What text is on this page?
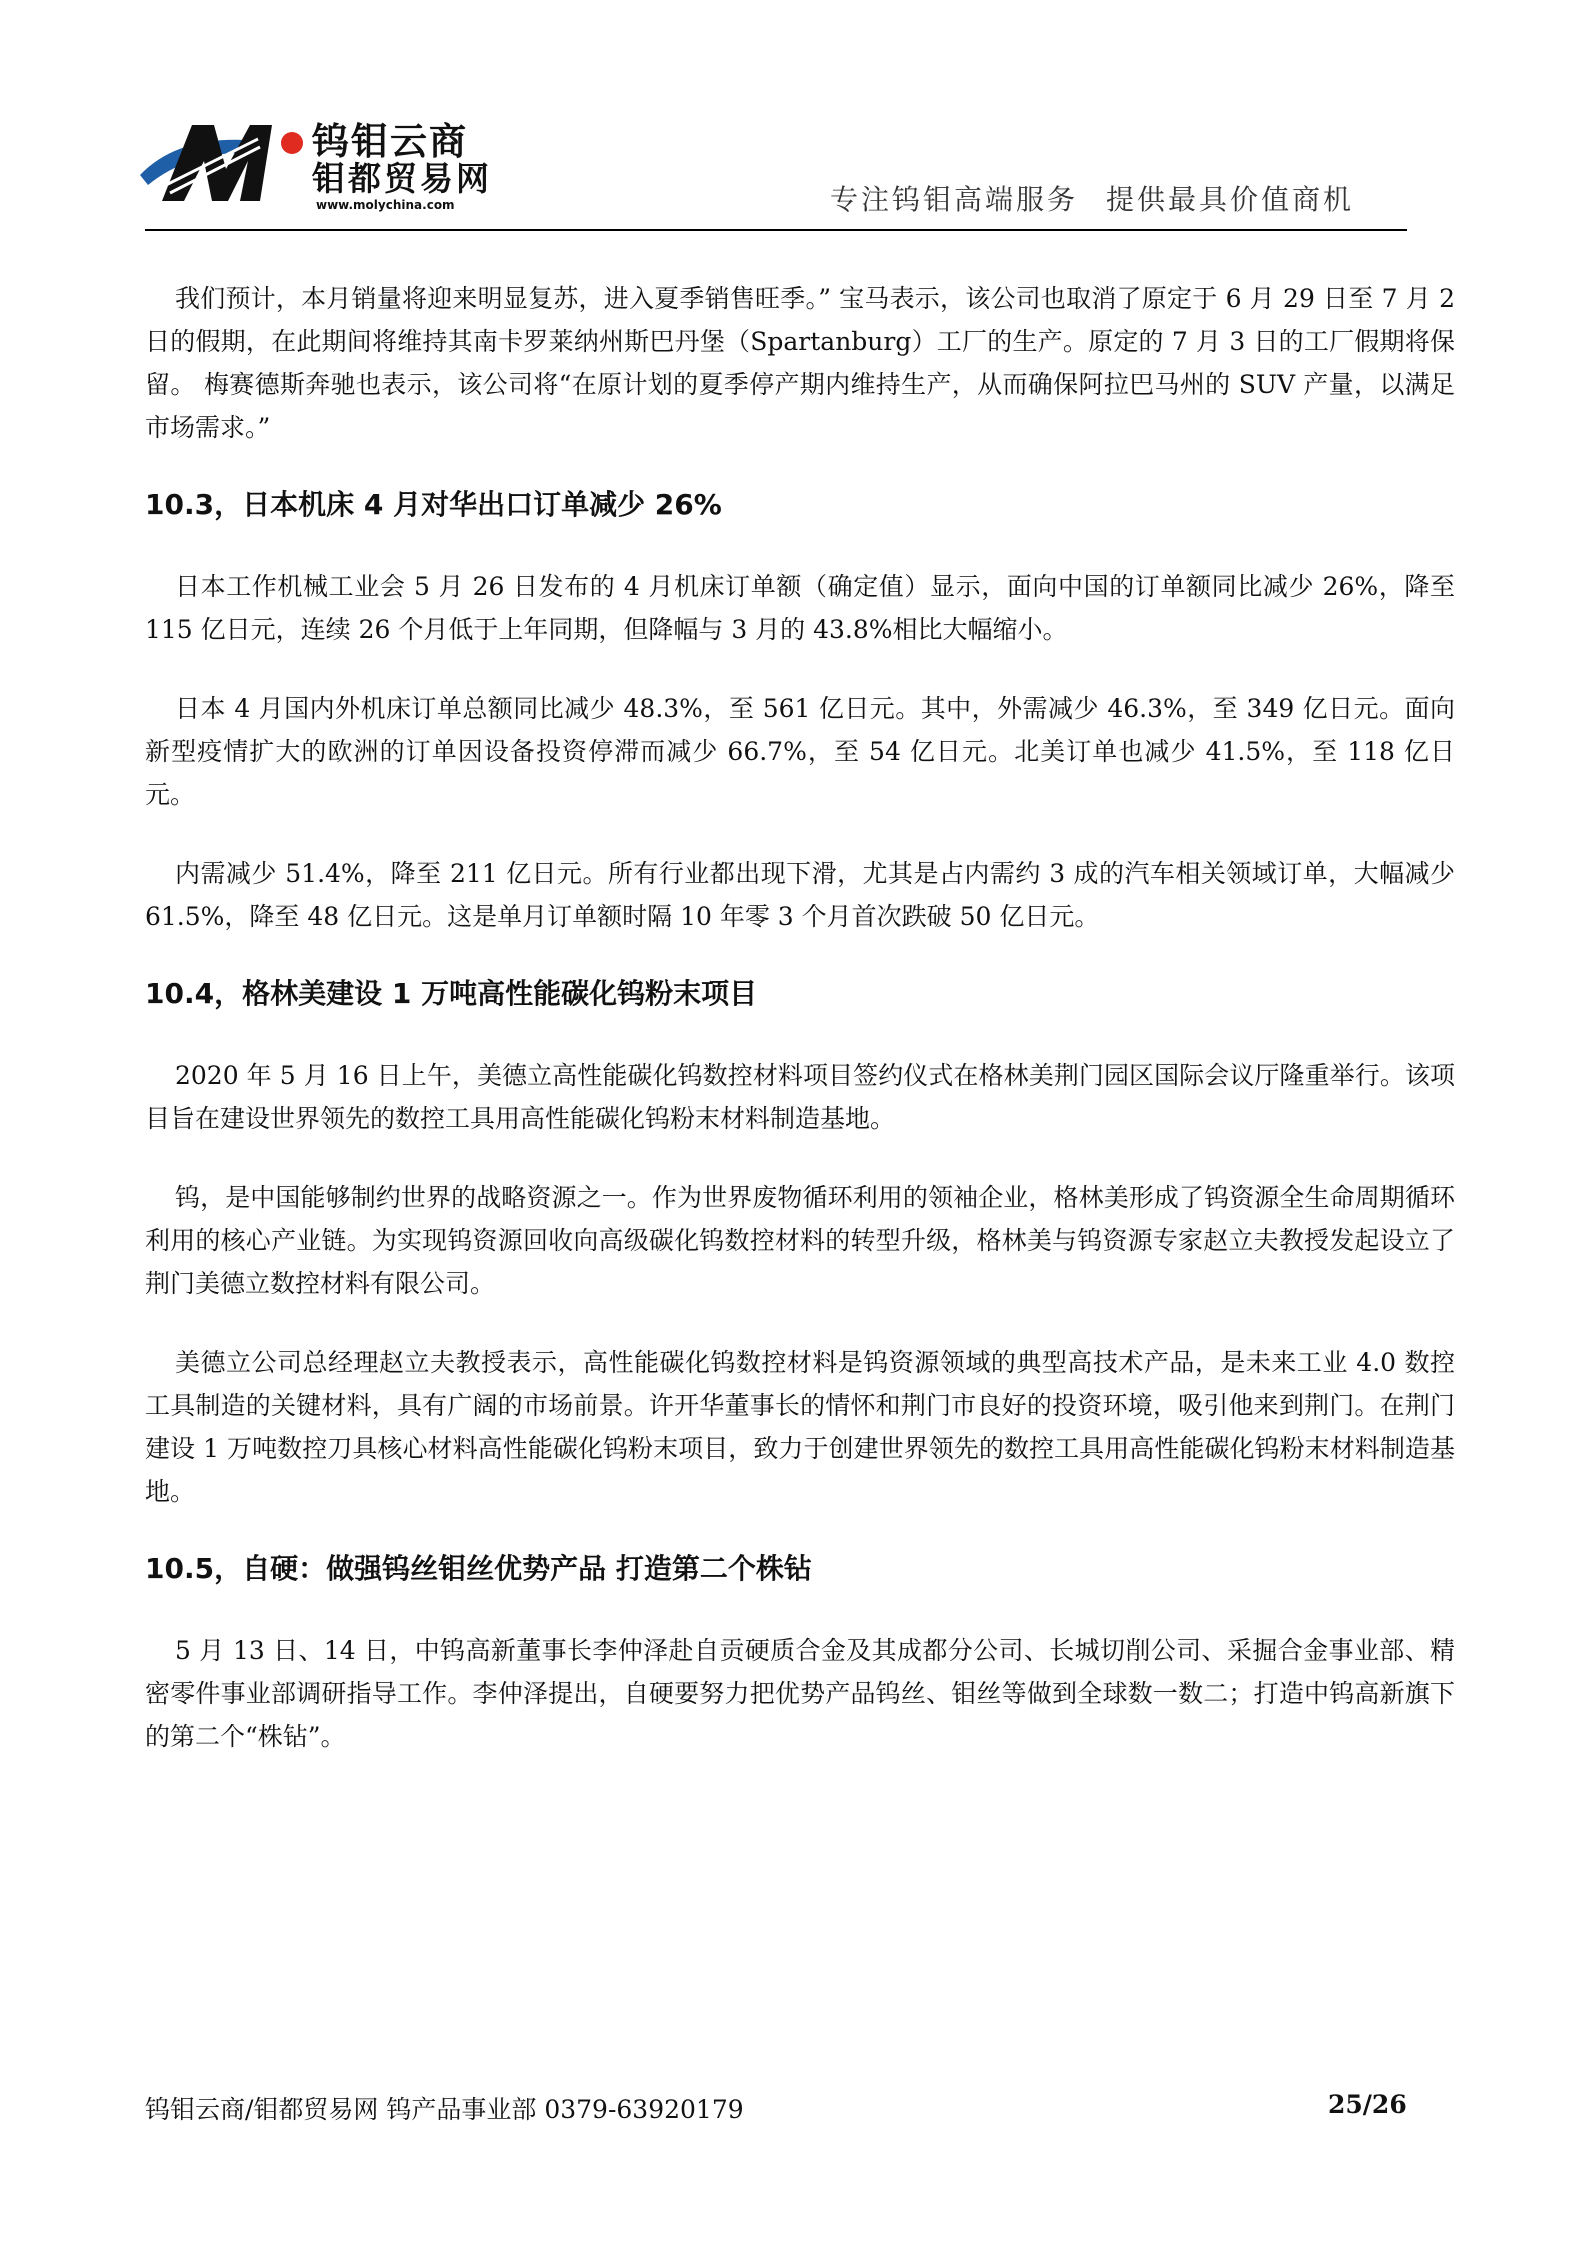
钨钼云商
钼都贸易网
www.molychina.com	专注钨钼高端服务 提供最具价值商机

我们预计，本月销量将迎来明显复苏，进入夏季销售旺季。” 宝马表示，该公司也取消了原定于 6 月 29 日至 7 月 2 日的假期，在此期间将维持其南卡罗莱纳州斯巴丹堡（Spartanburg）工厂的生产。原定的 7 月 3 日的工厂假期将保留。 梅赛德斯奔驰也表示，该公司将“在原计划的夏季停产期内维持生产，从而确保阿拉巴马州的 SUV 产量，以满足市场需求。”

10.3，日本机床 4 月对华出口订单减少 26%

日本工作机械工业会 5 月 26 日发布的 4 月机床订单额（确定值）显示，面向中国的订单额同比减少 26%，降至 115 亿日元，连续 26 个月低于上年同期，但降幅与 3 月的 43.8%相比大幅缩小。

日本 4 月国内外机床订单总额同比减少 48.3%，至 561 亿日元。其中，外需减少 46.3%，至 349 亿日元。面向新型疫情扩大的欧洲的订单因设备投资停滞而减少 66.7%，至 54 亿日元。北美订单也减少 41.5%，至 118 亿日元。

内需减少 51.4%，降至 211 亿日元。所有行业都出现下滑，尤其是占内需约 3 成的汽车相关领域订单，大幅减少 61.5%，降至 48 亿日元。这是单月订单额时隔 10 年零 3 个月首次跌破 50 亿日元。

10.4，格林美建设 1 万吨高性能碳化钨粉末项目

2020 年 5 月 16 日上午，美德立高性能碳化钨数控材料项目签约仪式在格林美荆门园区国际会议厅隆重举行。该项目旨在建设世界领先的数控工具用高性能碳化钨粉末材料制造基地。

钨，是中国能够制约世界的战略资源之一。作为世界废物循环利用的领袖企业，格林美形成了钨资源全生命周期循环利用的核心产业链。为实现钨资源回收向高级碳化钨数控材料的转型升级，格林美与钨资源专家赵立夫教授发起设立了荆门美德立数控材料有限公司。

美德立公司总经理赵立夫教授表示，高性能碳化钨数控材料是钨资源领域的典型高技术产品，是未来工业 4.0 数控工具制造的关键材料，具有广阔的市场前景。许开华董事长的情怀和荆门市良好的投资环境，吸引他来到荆门。在荆门建设 1 万吨数控刀具核心材料高性能碳化钨粉末项目，致力于创建世界领先的数控工具用高性能碳化钨粉末材料制造基地。

10.5，自硬：做强钨丝钼丝优势产品 打造第二个株钻

5 月 13 日、14 日，中钨高新董事长李仲泽赴自贡硬质合金及其成都分公司、长城切削公司、采掘合金事业部、精密零件事业部调研指导工作。李仲泽提出，自硬要努力把优势产品钨丝、钼丝等做到全球数一数二；打造中钨高新旗下的第二个“株钻”。

钨钼云商/钼都贸易网 钨产品事业部 0379-63920179	25/26
